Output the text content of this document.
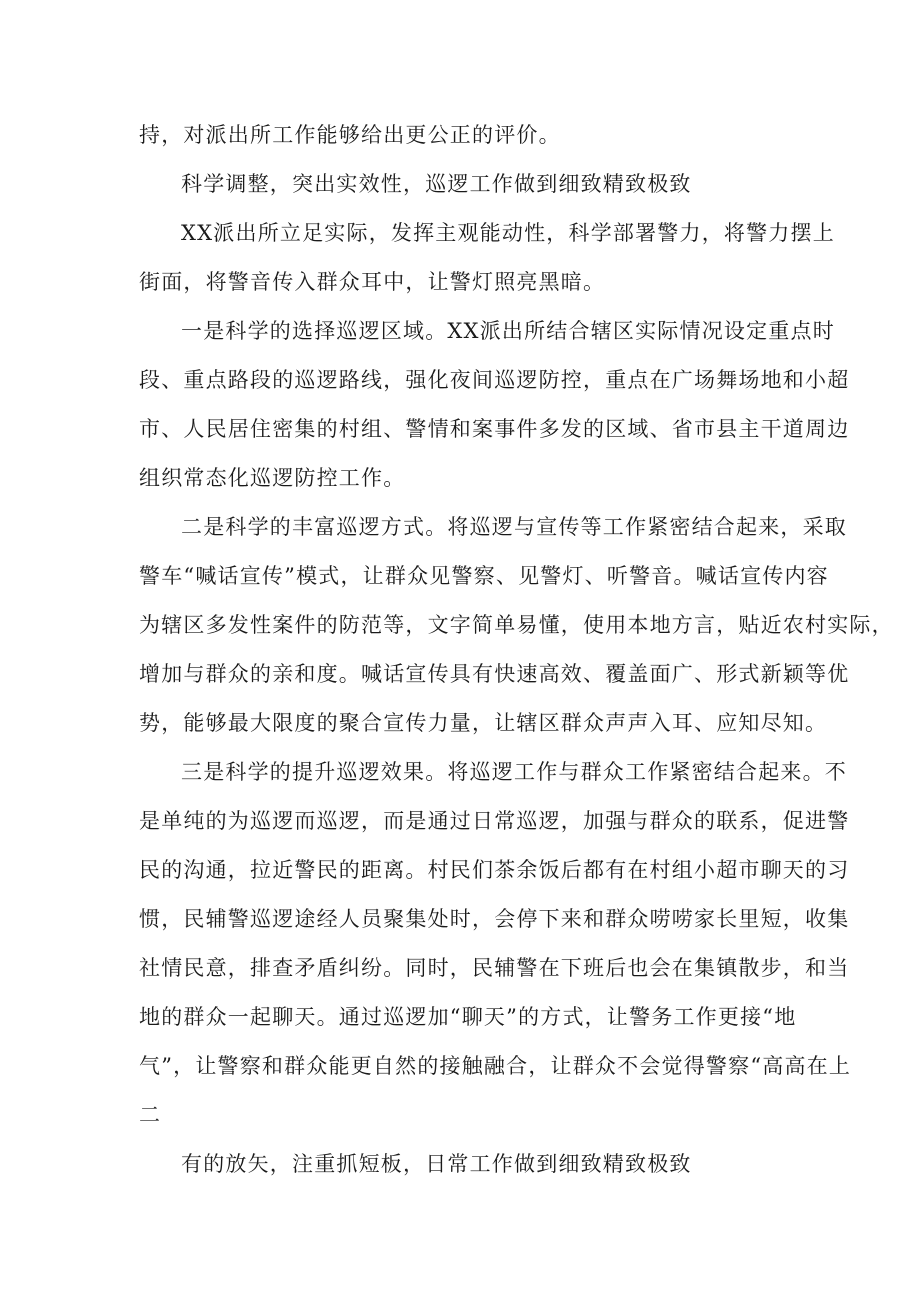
持，对派出所工作能够给出更公正的评价。
科学调整，突出实效性，巡逻工作做到细致精致极致
XX派出所立足实际，发挥主观能动性，科学部署警力，将警力摆上
街面，将警音传入群众耳中，让警灯照亮黑暗。
一是科学的选择巡逻区域。XX派出所结合辖区实际情况设定重点时
段、重点路段的巡逻路线，强化夜间巡逻防控，重点在广场舞场地和小超
市、人民居住密集的村组、警情和案事件多发的区域、省市县主干道周边
组织常态化巡逻防控工作。
二是科学的丰富巡逻方式。将巡逻与宣传等工作紧密结合起来，采取
警车“喊话宣传”模式，让群众见警察、见警灯、听警音。喊话宣传内容
为辖区多发性案件的防范等，文字简单易懂，使用本地方言，贴近农村实际，
增加与群众的亲和度。喊话宣传具有快速高效、覆盖面广、形式新颖等优
势，能够最大限度的聚合宣传力量，让辖区群众声声入耳、应知尽知。
三是科学的提升巡逻效果。将巡逻工作与群众工作紧密结合起来。不
是单纯的为巡逻而巡逻，而是通过日常巡逻，加强与群众的联系，促进警
民的沟通，拉近警民的距离。村民们茶余饭后都有在村组小超市聊天的习
惯，民辅警巡逻途经人员聚集处时，会停下来和群众唠唠家长里短，收集
社情民意，排查矛盾纠纷。同时，民辅警在下班后也会在集镇散步，和当
地的群众一起聊天。通过巡逻加“聊天”的方式，让警务工作更接“地
气”，让警察和群众能更自然的接触融合，让群众不会觉得警察“高高在上
二
有的放矢，注重抓短板，日常工作做到细致精致极致
